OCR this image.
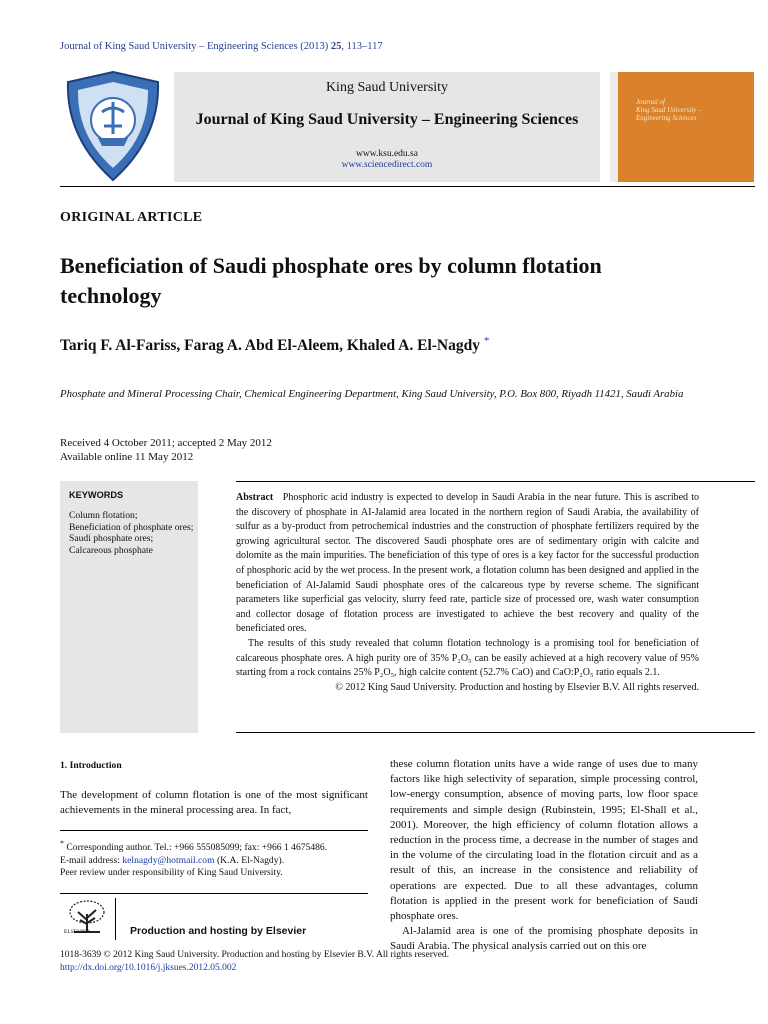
Journal of King Saud University – Engineering Sciences (2013) 25, 113–117
King Saud University
Journal of King Saud University – Engineering Sciences
www.ksu.edu.sa
www.sciencedirect.com
Journal of
King Saud University –
Engineering Sciences
ORIGINAL ARTICLE
Beneficiation of Saudi phosphate ores by column flotation technology
Tariq F. Al-Fariss, Farag A. Abd El-Aleem, Khaled A. El-Nagdy *
Phosphate and Mineral Processing Chair, Chemical Engineering Department, King Saud University, P.O. Box 800, Riyadh 11421, Saudi Arabia
Received 4 October 2011; accepted 2 May 2012
Available online 11 May 2012
KEYWORDS
Column flotation;
Beneficiation of phosphate ores;
Saudi phosphate ores;
Calcareous phosphate

Abstract Phosphoric acid industry is expected to develop in Saudi Arabia in the near future. This is ascribed to the discovery of phosphate in AI-Jalamid area located in the northern region of Saudi Arabia, the availability of sulfur as a by-product from petrochemical industries and the construction of phosphate fertilizers required by the growing agricultural sector. The discovered Saudi phosphate ores are of sedimentary origin with calcite and dolomite as the main impurities. The beneficiation of this type of ores is a key factor for the successful production of phosphoric acid by the wet process. In the present work, a flotation column has been designed and applied in the beneficiation of Al-Jalamid Saudi phosphate ores of the calcareous type by reverse scheme. The significant parameters like superficial gas velocity, slurry feed rate, particle size of processed ore, wash water consumption and collector dosage of flotation process are investigated to achieve the best recovery and quality of the beneficiated ores.

The results of this study revealed that column flotation technology is a promising tool for beneficiation of calcareous phosphate ores. A high purity ore of 35% P₂O₅ can be easily achieved at a high recovery value of 95% starting from a rock contains 25% P₂O₅, high calcite content (52.7% CaO) and CaO:P₂O₅ ratio equals 2.1.

© 2012 King Saud University. Production and hosting by Elsevier B.V. All rights reserved.

1. Introduction
The development of column flotation is one of the most significant achievements in the mineral processing area. In fact,
* Corresponding author. Tel.: +966 555085099; fax: +966 1 4675486.
E-mail address: kelnagdy@hotmail.com (K.A. El-Nagdy).
Peer review under responsibility of King Saud University.
ELSEVIER	Production and hosting by Elsevier

these column flotation units have a wide range of uses due to many factors like high selectivity of separation, simple processing control, low-energy consumption, absence of moving parts, low floor space requirements and simple design (Rubinstein, 1995; El-Shall et al., 2001). Moreover, the high efficiency of column flotation allows a reduction in the process time, a decrease in the number of stages and in the volume of the circulating load in the flotation circuit and as a result of this, an increase in the consistence and reliability of operations are expected. Due to all these advantages, column flotation is applied in the present work for beneficiation of Saudi phosphate ores.

Al-Jalamid area is one of the promising phosphate deposits in Saudi Arabia. The physical analysis carried out on this ore

1018-3639 © 2012 King Saud University. Production and hosting by Elsevier B.V. All rights reserved.
http://dx.doi.org/10.1016/j.jksues.2012.05.002
